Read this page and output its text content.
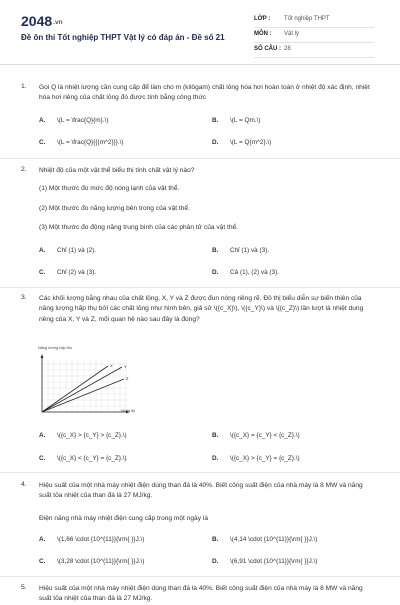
2048.vn
Đề ôn thi Tốt nghiệp THPT Vật lý có đáp án - Đề số 21
LỚP : Tốt nghiệp THPT
MÔN : Vật lý
SỐ CÂU : 28
1. Gọi Q là nhiệt lượng cần cung cấp để làm cho m (kilôgam) chất lỏng hóa hơi hoàn toàn ở nhiệt độ xác định, nhiệt hóa hơi riêng của chất lỏng đó được tính bằng công thức
A. \(L = \frac{Q}{m}.\)	B. \(L = Qm.\)
C. \(L = \frac{Q}{{{m^2}}}.\)	D. \(L = Q{m^2}.\)
2. Nhiệt độ của một vật thể biểu thị tính chất vật lý nào?
(1) Một thước đo mức độ nóng lạnh của vật thể.
(2) Một thước đo năng lượng bên trong của vật thể.
(3) Một thước đo động năng trung bình của các phân tử của vật thể.
A. Chỉ (1) và (2).	B. Chỉ (1) và (3).
C. Chỉ (2) và (3).	D. Cả (1), (2) và (3).
3. Các khối lượng bằng nhau của chất lỏng, X, Y và Z được đun nóng riêng rẽ. Đồ thị biểu diễn sự biến thiên của năng lượng hấp thụ bởi các chất lỏng như hình bên, giả sử \({c_X}\), \({c_Y}\) và \({c_Z}\) lần lượt là nhiệt dung riêng của X, Y và Z, mối quan hệ nào sau đây là đúng?
Năng lượng hấp thụ
X	Y
Z
Nhiệt độ
A. \({c_X} > {c_Y} > {c_Z}.\)	B. \({c_X} = {c_Y} < {c_Z}.\)
C. \({c_X} < {c_Y} = {c_Z}.\)	D. \({c_X} > {c_Y} = {c_Z}.\)
4. Hiệu suất của một nhà máy nhiệt điện dùng than đá là 40%. Biết công suất điện của nhà máy là 8 MW và năng suất tỏa nhiệt của than đá là 27 MJ/kg.
Điện năng nhà máy nhiệt điện cung cấp trong một ngày là
A. \(1,66 \cdot {10^{11}}{\rm{ }}J.\)	B. \(4,14 \cdot {10^{11}}{\rm{ }}J.\)
C. \(3,28 \cdot {10^{11}}{\rm{ }}J.\)	D. \(6,91 \cdot {10^{11}}{\rm{ }}J.\)
5. Hiệu suất của một nhà máy nhiệt điện dùng than đá là 40%. Biết công suất điện của nhà máy là 8 MW và năng suất tỏa nhiệt của than đá là 27 MJ/kg.
